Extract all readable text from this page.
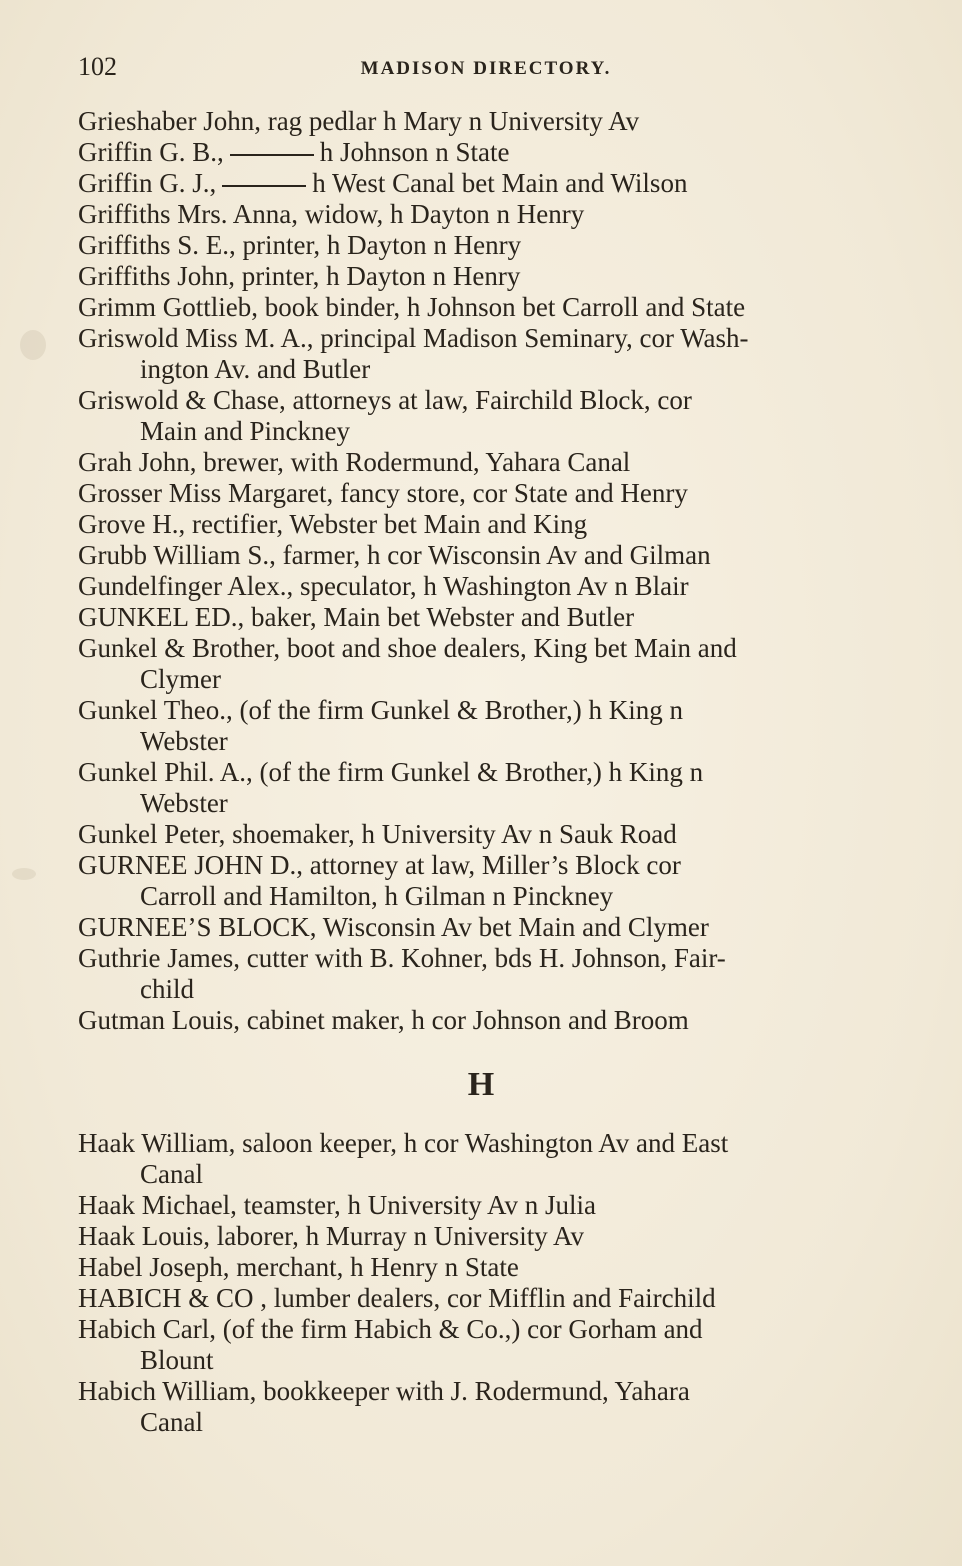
102	MADISON DIRECTORY.
Grieshaber John, rag pedlar h Mary n University Av
Griffin G. B.,	h Johnson n State
Griffin G. J.,	h West Canal bet Main and Wilson
Griffiths Mrs. Anna, widow, h Dayton n Henry
Griffiths S. E., printer, h Dayton n Henry
Griffiths John, printer, h Dayton n Henry
Grimm Gottlieb, book binder, h Johnson bet Carroll and State
Griswold Miss M. A., principal Madison Seminary, cor Wash-
ington Av. and Butler
Griswold & Chase, attorneys at law, Fairchild Block, cor
Main and Pinckney
Grah John, brewer, with Rodermund, Yahara Canal
Grosser Miss Margaret, fancy store, cor State and Henry
Grove H., rectifier, Webster bet Main and King
Grubb William S., farmer, h cor Wisconsin Av and Gilman
Gundelfinger Alex., speculator, h Washington Av n Blair
GUNKEL ED., baker, Main bet Webster and Butler
Gunkel & Brother, boot and shoe dealers, King bet Main and
Clymer
Gunkel Theo., (of the firm Gunkel & Brother,) h King n
Webster
Gunkel Phil. A., (of the firm Gunkel & Brother,) h King n
Webster
Gunkel Peter, shoemaker, h University Av n Sauk Road
GURNEE JOHN D., attorney at law, Miller’s Block cor
Carroll and Hamilton, h Gilman n Pinckney
GURNEE’S BLOCK, Wisconsin Av bet Main and Clymer
Guthrie James, cutter with B. Kohner, bds H. Johnson, Fair-
child
Gutman Louis, cabinet maker, h cor Johnson and Broom
H
Haak William, saloon keeper, h cor Washington Av and East
Canal
Haak Michael, teamster, h University Av n Julia
Haak Louis, laborer, h Murray n University Av
Habel Joseph, merchant, h Henry n State
HABICH & CO , lumber dealers, cor Mifflin and Fairchild
Habich Carl, (of the firm Habich & Co.,) cor Gorham and
Blount
Habich William, bookkeeper with J. Rodermund, Yahara
Canal
